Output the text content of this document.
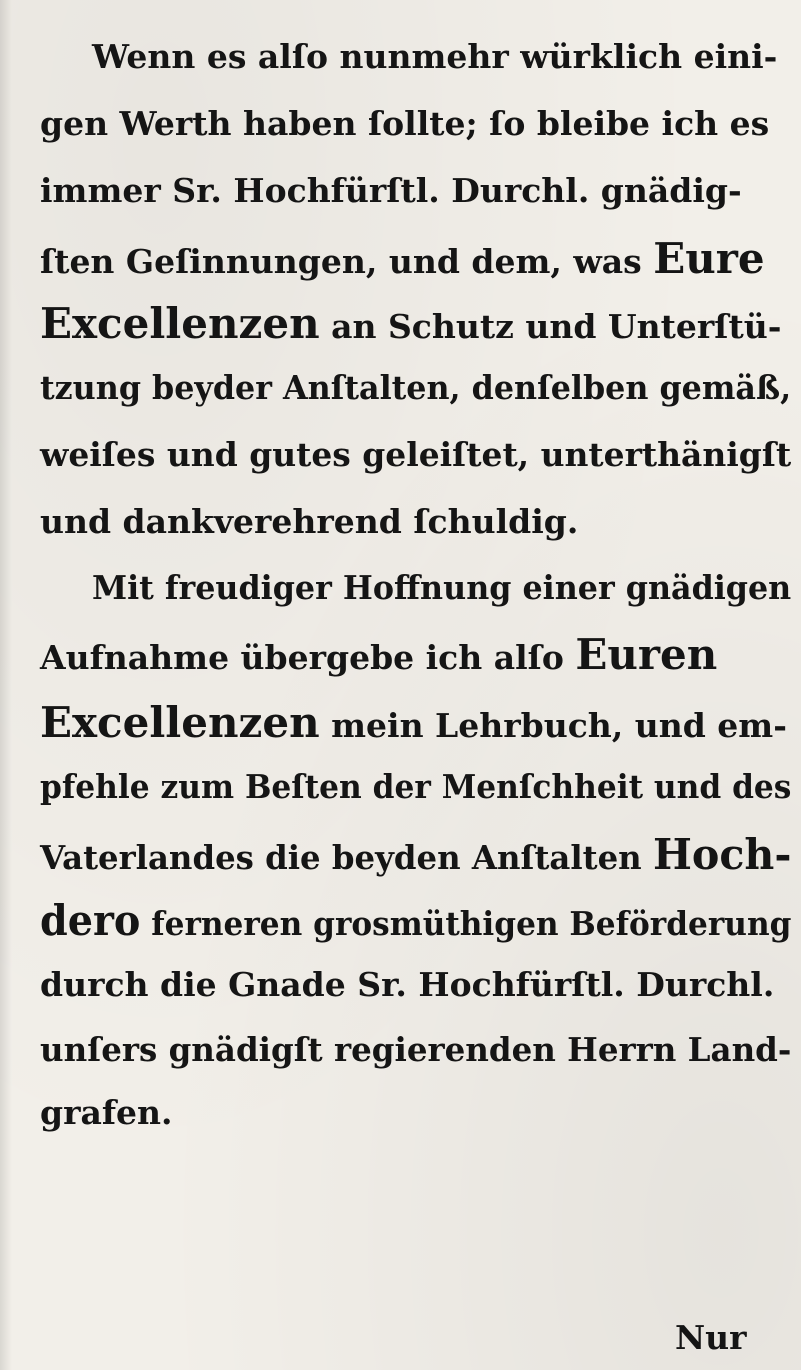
Wenn es alſo nunmehr würklich eini-
gen Werth haben ſollte; ſo bleibe ich es
immer Sr. Hochfürſtl. Durchl. gnädig-
ſten Geſinnungen, und dem, was Eure
Excellenzen an Schutz und Unterſtü-
tzung beyder Anſtalten, denſelben gemäß,
weiſes und gutes geleiſtet, unterthänigſt
und dankverehrend ſchuldig.
Mit freudiger Hoffnung einer gnädigen
Aufnahme übergebe ich alſo Euren
Excellenzen mein Lehrbuch, und em-
pfehle zum Beſten der Menſchheit und des
Vaterlandes die beyden Anſtalten Hoch-
dero ferneren grosmüthigen Beförderung
durch die Gnade Sr. Hochfürſtl. Durchl.
unſers gnädigſt regierenden Herrn Land-
grafen.
Nur
